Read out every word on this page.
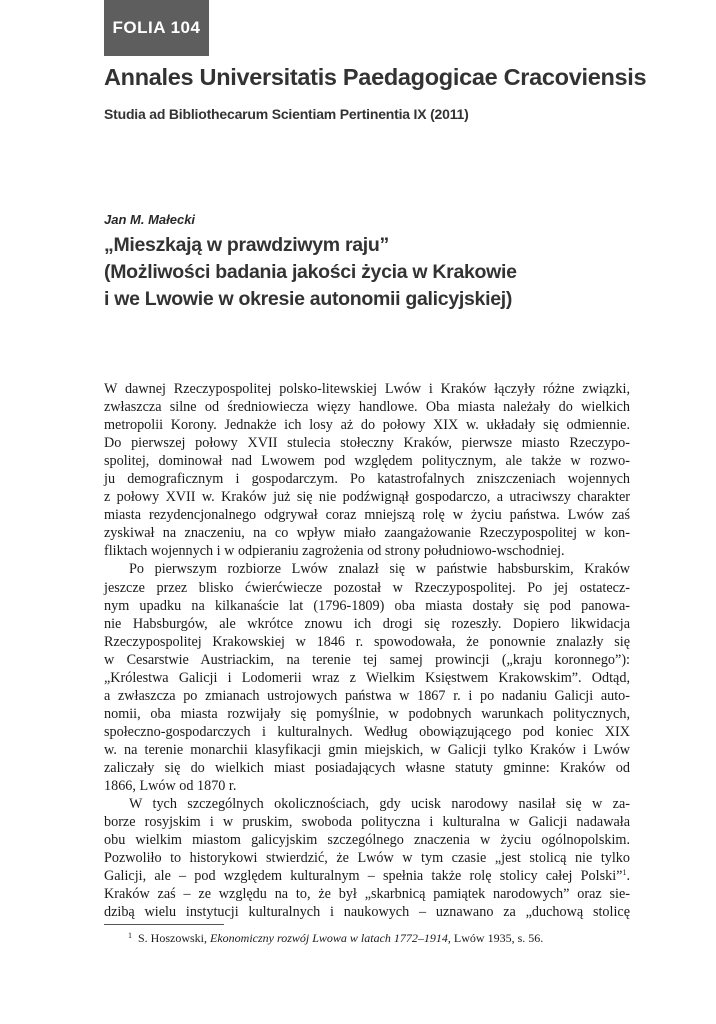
FOLIA 104
Annales Universitatis Paedagogicae Cracoviensis
Studia ad Bibliothecarum Scientiam Pertinentia IX (2011)
Jan M. Małecki
„Mieszkają w prawdziwym raju”
(Możliwości badania jakości życia w Krakowie
i we Lwowie w okresie autonomii galicyjskiej)
W dawnej Rzeczypospolitej polsko-litewskiej Lwów i Kraków łączyły różne związki,
zwłaszcza silne od średniowiecza więzy handlowe. Oba miasta należały do wielkich
metropolii Korony. Jednakże ich losy aż do połowy XIX w. układały się odmiennie.
Do pierwszej połowy XVII stulecia stołeczny Kraków, pierwsze miasto Rzeczypo-
spolitej, dominował nad Lwowem pod względem politycznym, ale także w rozwo-
ju demograficznym i gospodarczym. Po katastrofalnych zniszczeniach wojennych
z połowy XVII w. Kraków już się nie podźwignął gospodarczo, a utraciwszy charakter
miasta rezydencjonalnego odgrywał coraz mniejszą rolę w życiu państwa. Lwów zaś
zyskiwał na znaczeniu, na co wpływ miało zaangażowanie Rzeczypospolitej w kon-
fliktach wojennych i w odpieraniu zagrożenia od strony południowo-wschodniej.
Po pierwszym rozbiorze Lwów znalazł się w państwie habsburskim, Kraków
jeszcze przez blisko ćwierćwiecze pozostał w Rzeczypospolitej. Po jej ostatecz-
nym upadku na kilkanaście lat (1796-1809) oba miasta dostały się pod panowa-
nie Habsburgów, ale wkrótce znowu ich drogi się rozeszły. Dopiero likwidacja
Rzeczypospolitej Krakowskiej w 1846 r. spowodowała, że ponownie znalazły się
w Cesarstwie Austriackim, na terenie tej samej prowincji („kraju koronnego”):
„Królestwa Galicji i Lodomerii wraz z Wielkim Księstwem Krakowskim”. Odtąd,
a zwłaszcza po zmianach ustrojowych państwa w 1867 r. i po nadaniu Galicji auto-
nomii, oba miasta rozwijały się pomyślnie, w podobnych warunkach politycznych,
społeczno-gospodarczych i kulturalnych. Według obowiązującego pod koniec XIX
w. na terenie monarchii klasyfikacji gmin miejskich, w Galicji tylko Kraków i Lwów
zaliczały się do wielkich miast posiadających własne statuty gminne: Kraków od
1866, Lwów od 1870 r.
W tych szczególnych okolicznościach, gdy ucisk narodowy nasilał się w za-
borze rosyjskim i w pruskim, swoboda polityczna i kulturalna w Galicji nadawała
obu wielkim miastom galicyjskim szczególnego znaczenia w życiu ogólnopolskim.
Pozwoliło to historykowi stwierdzić, że Lwów w tym czasie „jest stolicą nie tylko
Galicji, ale – pod względem kulturalnym – spełnia także rolę stolicy całej Polski”$^1$.
Kraków zaś – ze względu na to, że był „skarbnicą pamiątek narodowych” oraz sie-
dzibą wielu instytucji kulturalnych i naukowych – uznawano za „duchową stolicę
$^1$ S. Hoszowski, Ekonomiczny rozwój Lwowa w latach 1772–1914, Lwów 1935, s. 56.
